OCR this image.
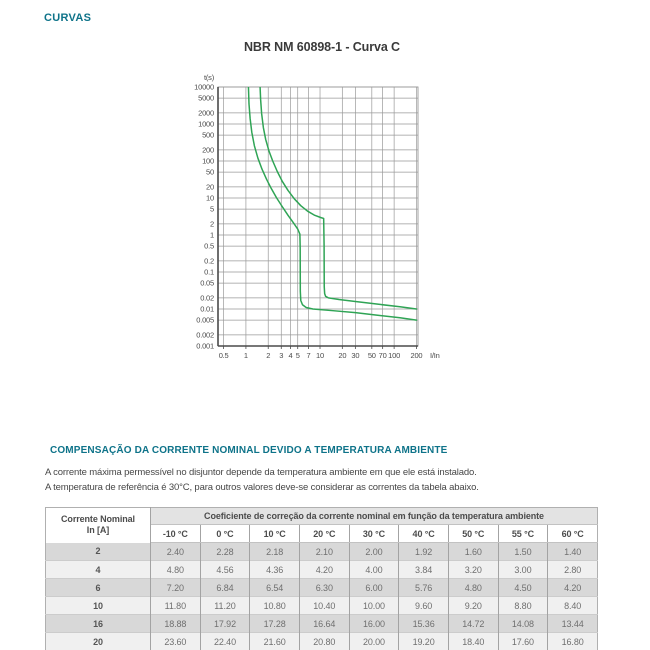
CURVAS
NBR NM 60898-1 - Curva C
10000
5000
2000
1000
500
200
100
50
20
10
5
2
1
0.5
0.2
0.1
0.05
0.02
0.01
0.005
0.002
0.001
0.5 1 2 3 4 5 7 10 20 30 50 70 100 200
t(s)
I/In
COMPENSAÇÃO DA CORRENTE NOMINAL DEVIDO A TEMPERATURA AMBIENTE
A corrente máxima permessível no disjuntor depende da temperatura ambiente em que ele está instalado.
A temperatura de referência é 30°C, para outros valores deve-se considerar as correntes da tabela abaixo.
Corrente Nominal
In [A]	Coeficiente de correção da corrente nominal em função da temperatura ambiente								
	-10 °C	0 °C	10 °C	20 °C	30 °C	40 °C	50 °C	55 °C	60 °C
2	2.40	2.28	2.18	2.10	2.00	1.92	1.60	1.50	1.40
4	4.80	4.56	4.36	4.20	4.00	3.84	3.20	3.00	2.80
6	7.20	6.84	6.54	6.30	6.00	5.76	4.80	4.50	4.20
10	11.80	11.20	10.80	10.40	10.00	9.60	9.20	8.80	8.40
16	18.88	17.92	17.28	16.64	16.00	15.36	14.72	14.08	13.44
20	23.60	22.40	21.60	20.80	20.00	19.20	18.40	17.60	16.80
